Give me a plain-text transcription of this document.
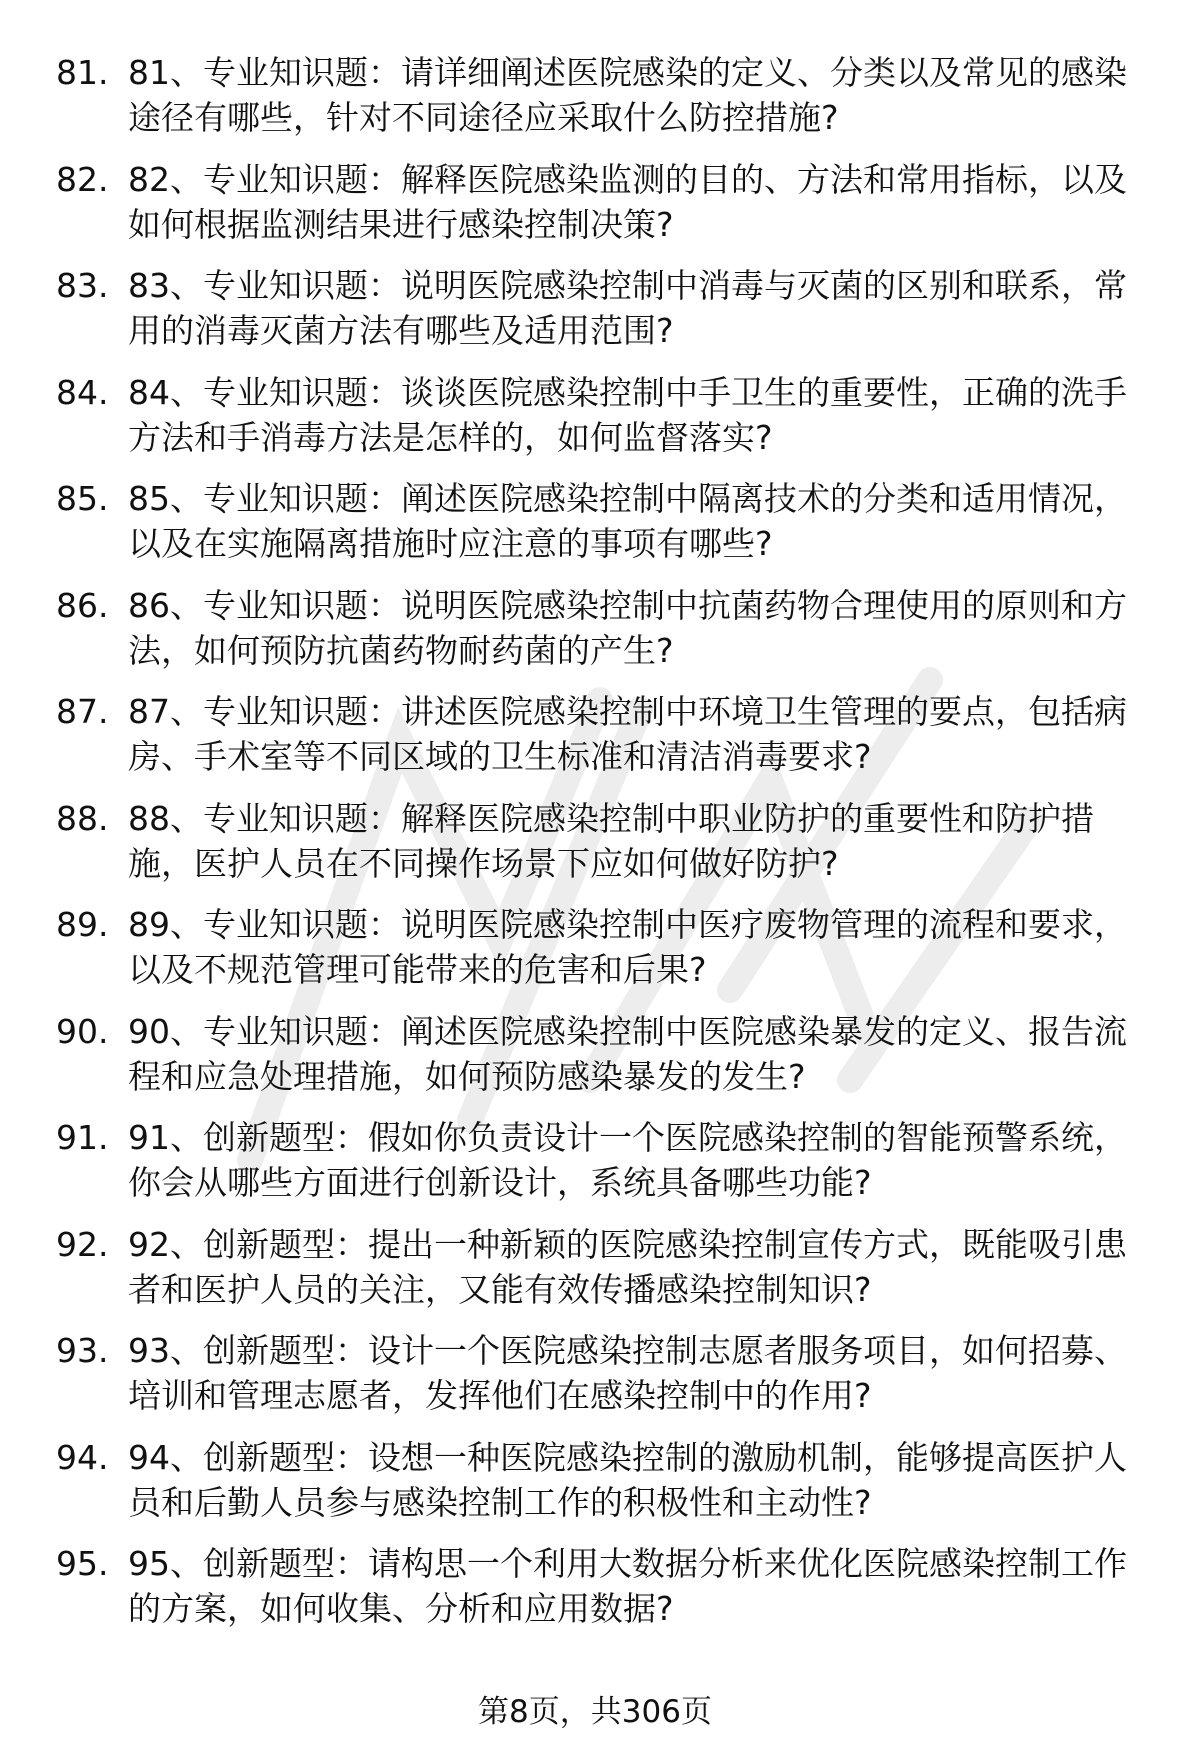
81. 81、专业知识题：请详细阐述医院感染的定义、分类以及常见的感染途径有哪些，针对不同途径应采取什么防控措施?
82. 82、专业知识题：解释医院感染监测的目的、方法和常用指标，以及如何根据监测结果进行感染控制决策?
83. 83、专业知识题：说明医院感染控制中消毒与灭菌的区别和联系，常用的消毒灭菌方法有哪些及适用范围?
84. 84、专业知识题：谈谈医院感染控制中手卫生的重要性，正确的洗手方法和手消毒方法是怎样的，如何监督落实?
85. 85、专业知识题：阐述医院感染控制中隔离技术的分类和适用情况，以及在实施隔离措施时应注意的事项有哪些?
86. 86、专业知识题：说明医院感染控制中抗菌药物合理使用的原则和方法，如何预防抗菌药物耐药菌的产生?
87. 87、专业知识题：讲述医院感染控制中环境卫生管理的要点，包括病房、手术室等不同区域的卫生标准和清洁消毒要求?
88. 88、专业知识题：解释医院感染控制中职业防护的重要性和防护措施，医护人员在不同操作场景下应如何做好防护?
89. 89、专业知识题：说明医院感染控制中医疗废物管理的流程和要求，以及不规范管理可能带来的危害和后果?
90. 90、专业知识题：阐述医院感染控制中医院感染暴发的定义、报告流程和应急处理措施，如何预防感染暴发的发生?
91. 91、创新题型：假如你负责设计一个医院感染控制的智能预警系统，你会从哪些方面进行创新设计，系统具备哪些功能?
92. 92、创新题型：提出一种新颖的医院感染控制宣传方式，既能吸引患者和医护人员的关注，又能有效传播感染控制知识?
93. 93、创新题型：设计一个医院感染控制志愿者服务项目，如何招募、培训和管理志愿者，发挥他们在感染控制中的作用?
94. 94、创新题型：设想一种医院感染控制的激励机制，能够提高医护人员和后勤人员参与感染控制工作的积极性和主动性?
95. 95、创新题型：请构思一个利用大数据分析来优化医院感染控制工作的方案，如何收集、分析和应用数据?
第8页，共306页
